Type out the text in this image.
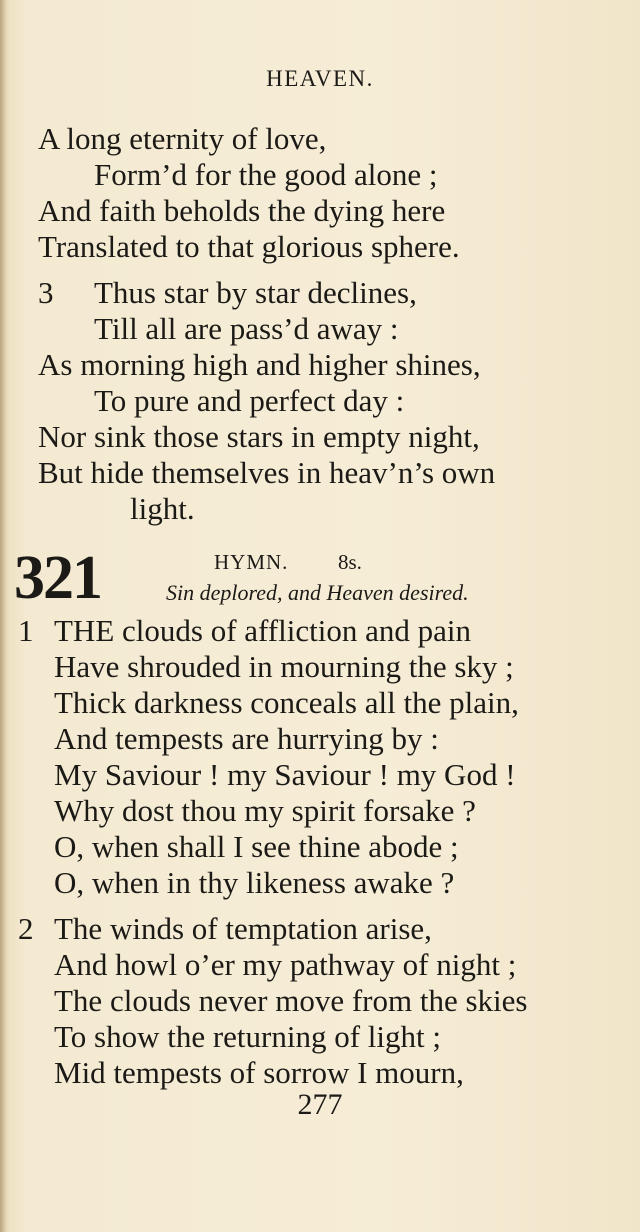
HEAVEN.
A long eternity of love,
Form’d for the good alone ;
And faith beholds the dying here
Translated to that glorious sphere.
3 Thus star by star declines,
Till all are pass’d away :
As morning high and higher shines,
To pure and perfect day :
Nor sink those stars in empty night,
But hide themselves in heav’n’s own
light.
321	HYMN. 8s.
Sin deplored, and Heaven desired.
1 THE clouds of affliction and pain
Have shrouded in mourning the sky ;
Thick darkness conceals all the plain,
And tempests are hurrying by :
My Saviour ! my Saviour ! my God !
Why dost thou my spirit forsake ?
O, when shall I see thine abode ;
O, when in thy likeness awake ?
2 The winds of temptation arise,
And howl o’er my pathway of night ;
The clouds never move from the skies
To show the returning of light ;
Mid tempests of sorrow I mourn,
277
